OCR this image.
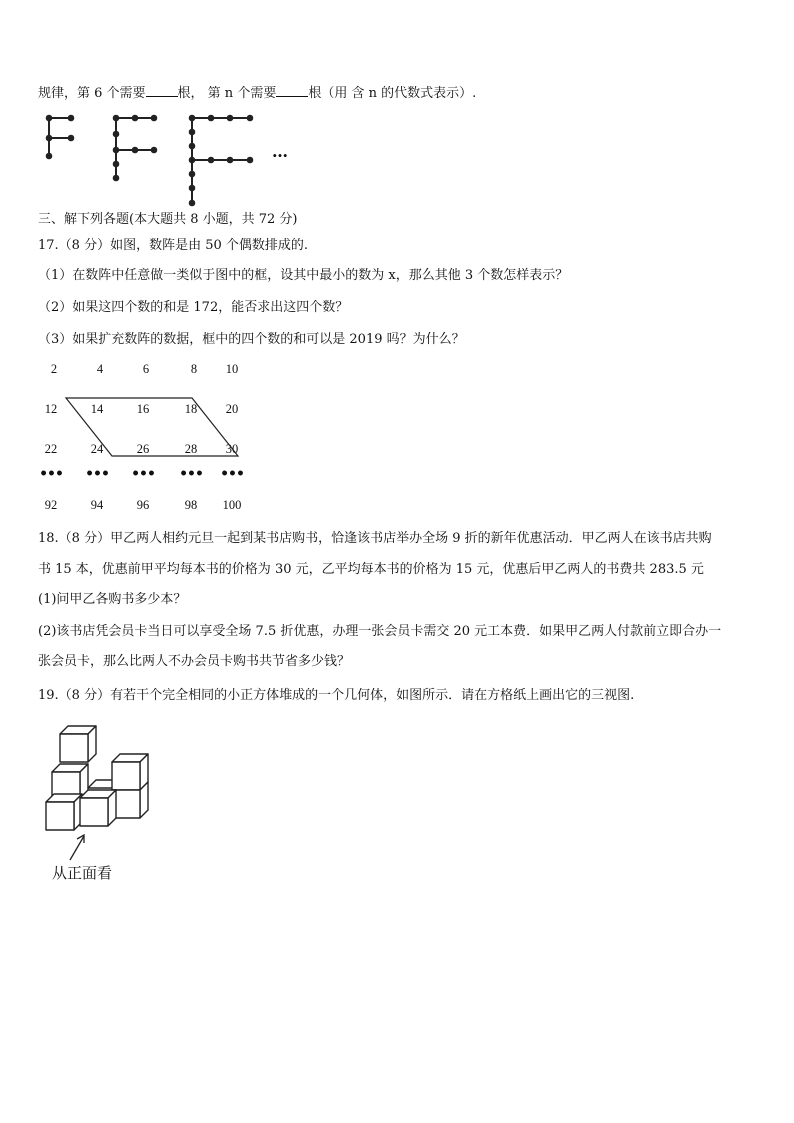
规律，第 6 个需要 根， 第 n 个需要 根（用 含 n 的代数式表示）.
…
三、解下列各题(本大题共 8 小题，共 72 分)
17.（8 分）如图，数阵是由 50 个偶数排成的.
（1）在数阵中任意做一类似于图中的框，设其中最小的数为 x，那么其他 3 个数怎样表示？
（2）如果这四个数的和是 172，能否求出这四个数？
（3）如果扩充数阵的数据，框中的四个数的和可以是 2019 吗？为什么？
2	4	6	8	10
12	14	16	18	20
22	24	26	28	30
•••	•••	•••	•••	•••
92	94	96	98	100
18.（8 分）甲乙两人相约元旦一起到某书店购书，恰逢该书店举办全场 9 折的新年优惠活动．甲乙两人在该书店共购
书 15 本，优惠前甲平均每本书的价格为 30 元，乙平均每本书的价格为 15 元，优惠后甲乙两人的书费共 283.5 元
(1)问甲乙各购书多少本？
(2)该书店凭会员卡当日可以享受全场 7.5 折优惠，办理一张会员卡需交 20 元工本费．如果甲乙两人付款前立即合办一
张会员卡，那么比两人不办会员卡购书共节省多少钱？
19.（8 分）有若干个完全相同的小正方体堆成的一个几何体，如图所示．请在方格纸上画出它的三视图.
从正面看
